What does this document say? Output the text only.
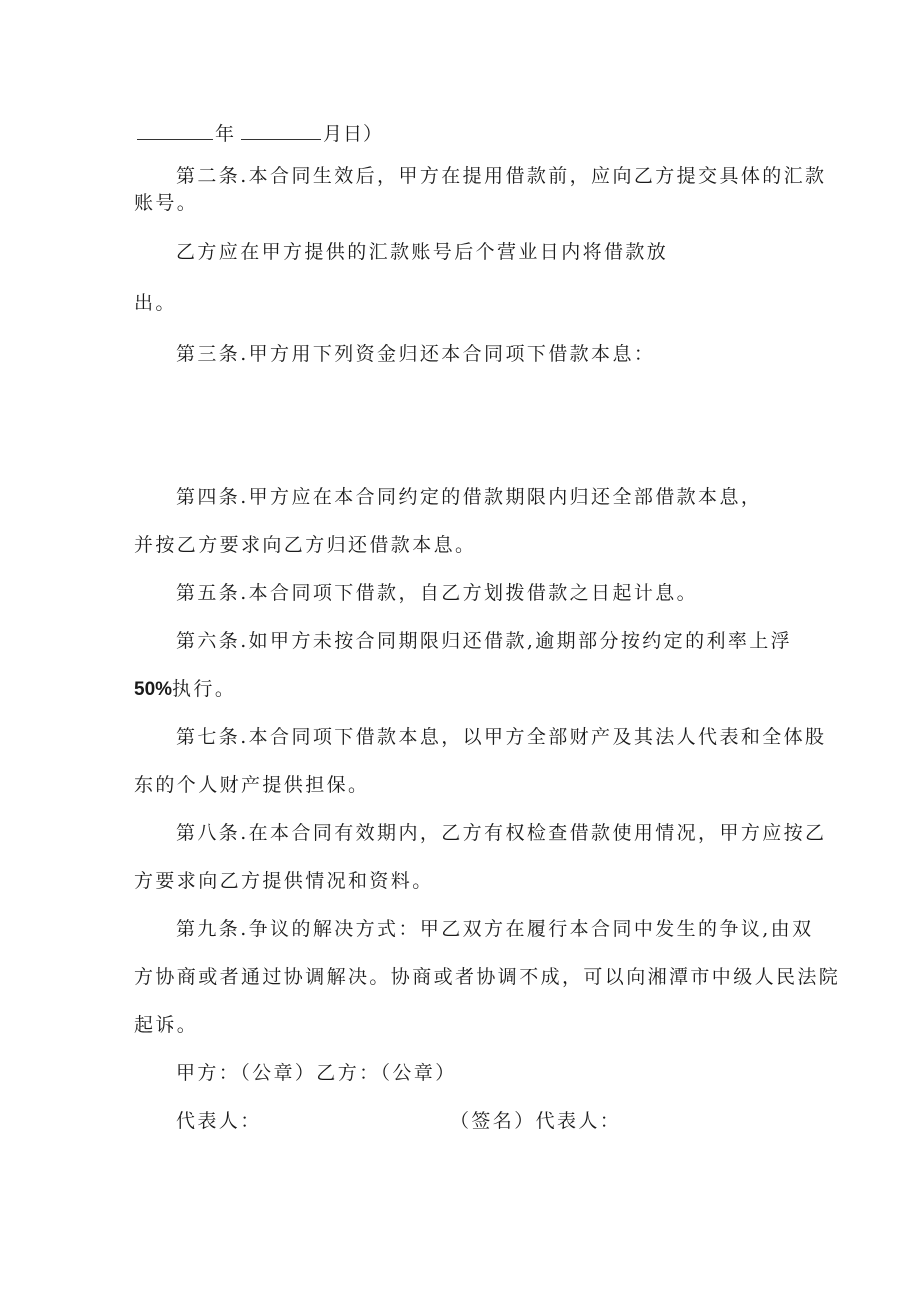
年	月日）
第二条.本合同生效后，甲方在提用借款前，应向乙方提交具体的汇款
账号。
乙方应在甲方提供的汇款账号后个营业日内将借款放
出。
第三条.甲方用下列资金归还本合同项下借款本息：
第四条.甲方应在本合同约定的借款期限内归还全部借款本息，
并按乙方要求向乙方归还借款本息。
第五条.本合同项下借款，自乙方划拨借款之日起计息。
第六条.如甲方未按合同期限归还借款,逾期部分按约定的利率上浮
50%执行。
第七条.本合同项下借款本息，以甲方全部财产及其法人代表和全体股
东的个人财产提供担保。
第八条.在本合同有效期内，乙方有权检查借款使用情况，甲方应按乙
方要求向乙方提供情况和资料。
第九条.争议的解决方式：甲乙双方在履行本合同中发生的争议,由双
方协商或者通过协调解决。协商或者协调不成，可以向湘潭市中级人民法院
起诉。
甲方：（公章）乙方：（公章）
代表人：	（签名）代表人：
